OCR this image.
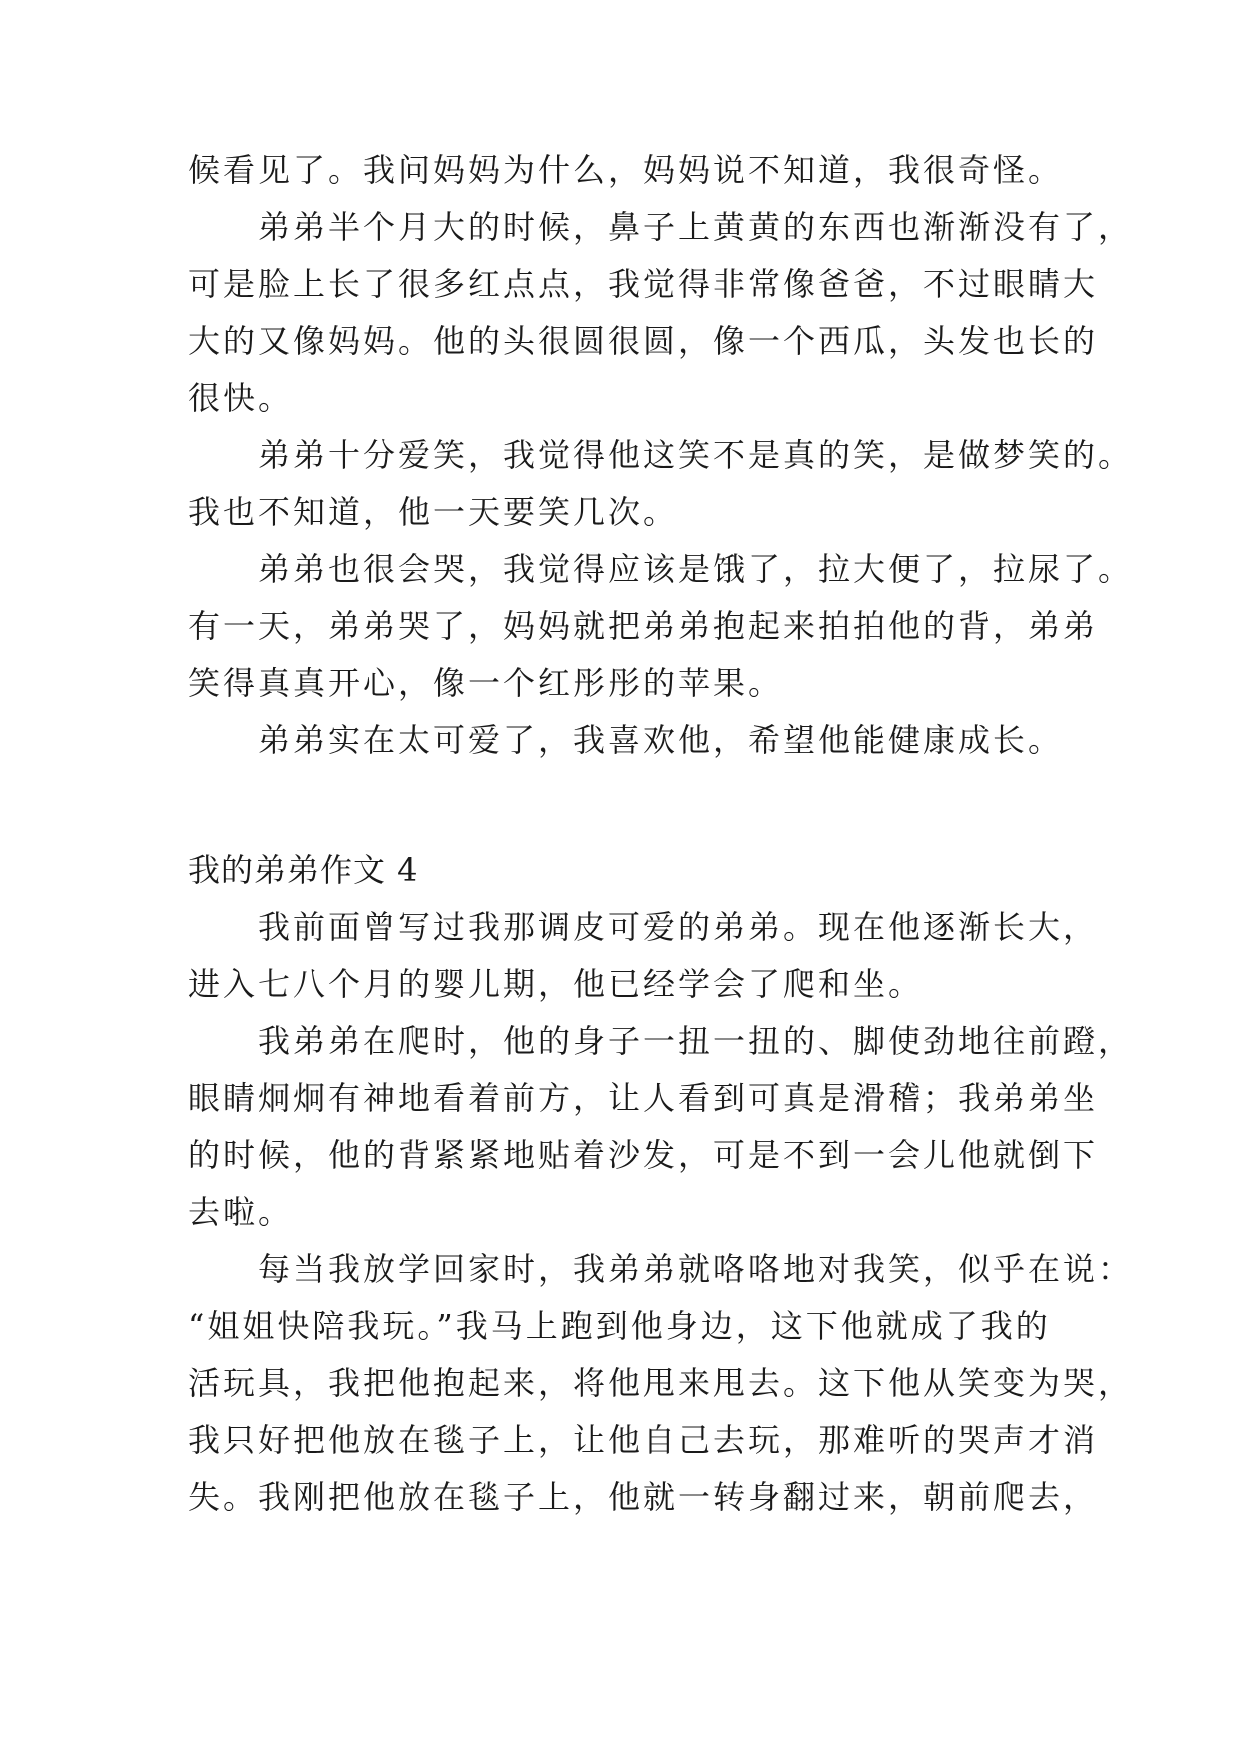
候看见了。我问妈妈为什么，妈妈说不知道，我很奇怪。
弟弟半个月大的时候，鼻子上黄黄的东西也渐渐没有了，
可是脸上长了很多红点点，我觉得非常像爸爸，不过眼睛大
大的又像妈妈。他的头很圆很圆，像一个西瓜，头发也长的
很快。
弟弟十分爱笑，我觉得他这笑不是真的笑，是做梦笑的。
我也不知道，他一天要笑几次。
弟弟也很会哭，我觉得应该是饿了，拉大便了，拉尿了。
有一天，弟弟哭了，妈妈就把弟弟抱起来拍拍他的背，弟弟
笑得真真开心，像一个红彤彤的苹果。
弟弟实在太可爱了，我喜欢他，希望他能健康成长。
我的弟弟作文 4
我前面曾写过我那调皮可爱的弟弟。现在他逐渐长大，
进入七八个月的婴儿期，他已经学会了爬和坐。
我弟弟在爬时，他的身子一扭一扭的、脚使劲地往前蹬，
眼睛炯炯有神地看着前方，让人看到可真是滑稽；我弟弟坐
的时候，他的背紧紧地贴着沙发，可是不到一会儿他就倒下
去啦。
每当我放学回家时，我弟弟就咯咯地对我笑，似乎在说：
“姐姐快陪我玩。”我马上跑到他身边，这下他就成了我的
活玩具，我把他抱起来，将他甩来甩去。这下他从笑变为哭，
我只好把他放在毯子上，让他自己去玩，那难听的哭声才消
失。我刚把他放在毯子上，他就一转身翻过来，朝前爬去，
